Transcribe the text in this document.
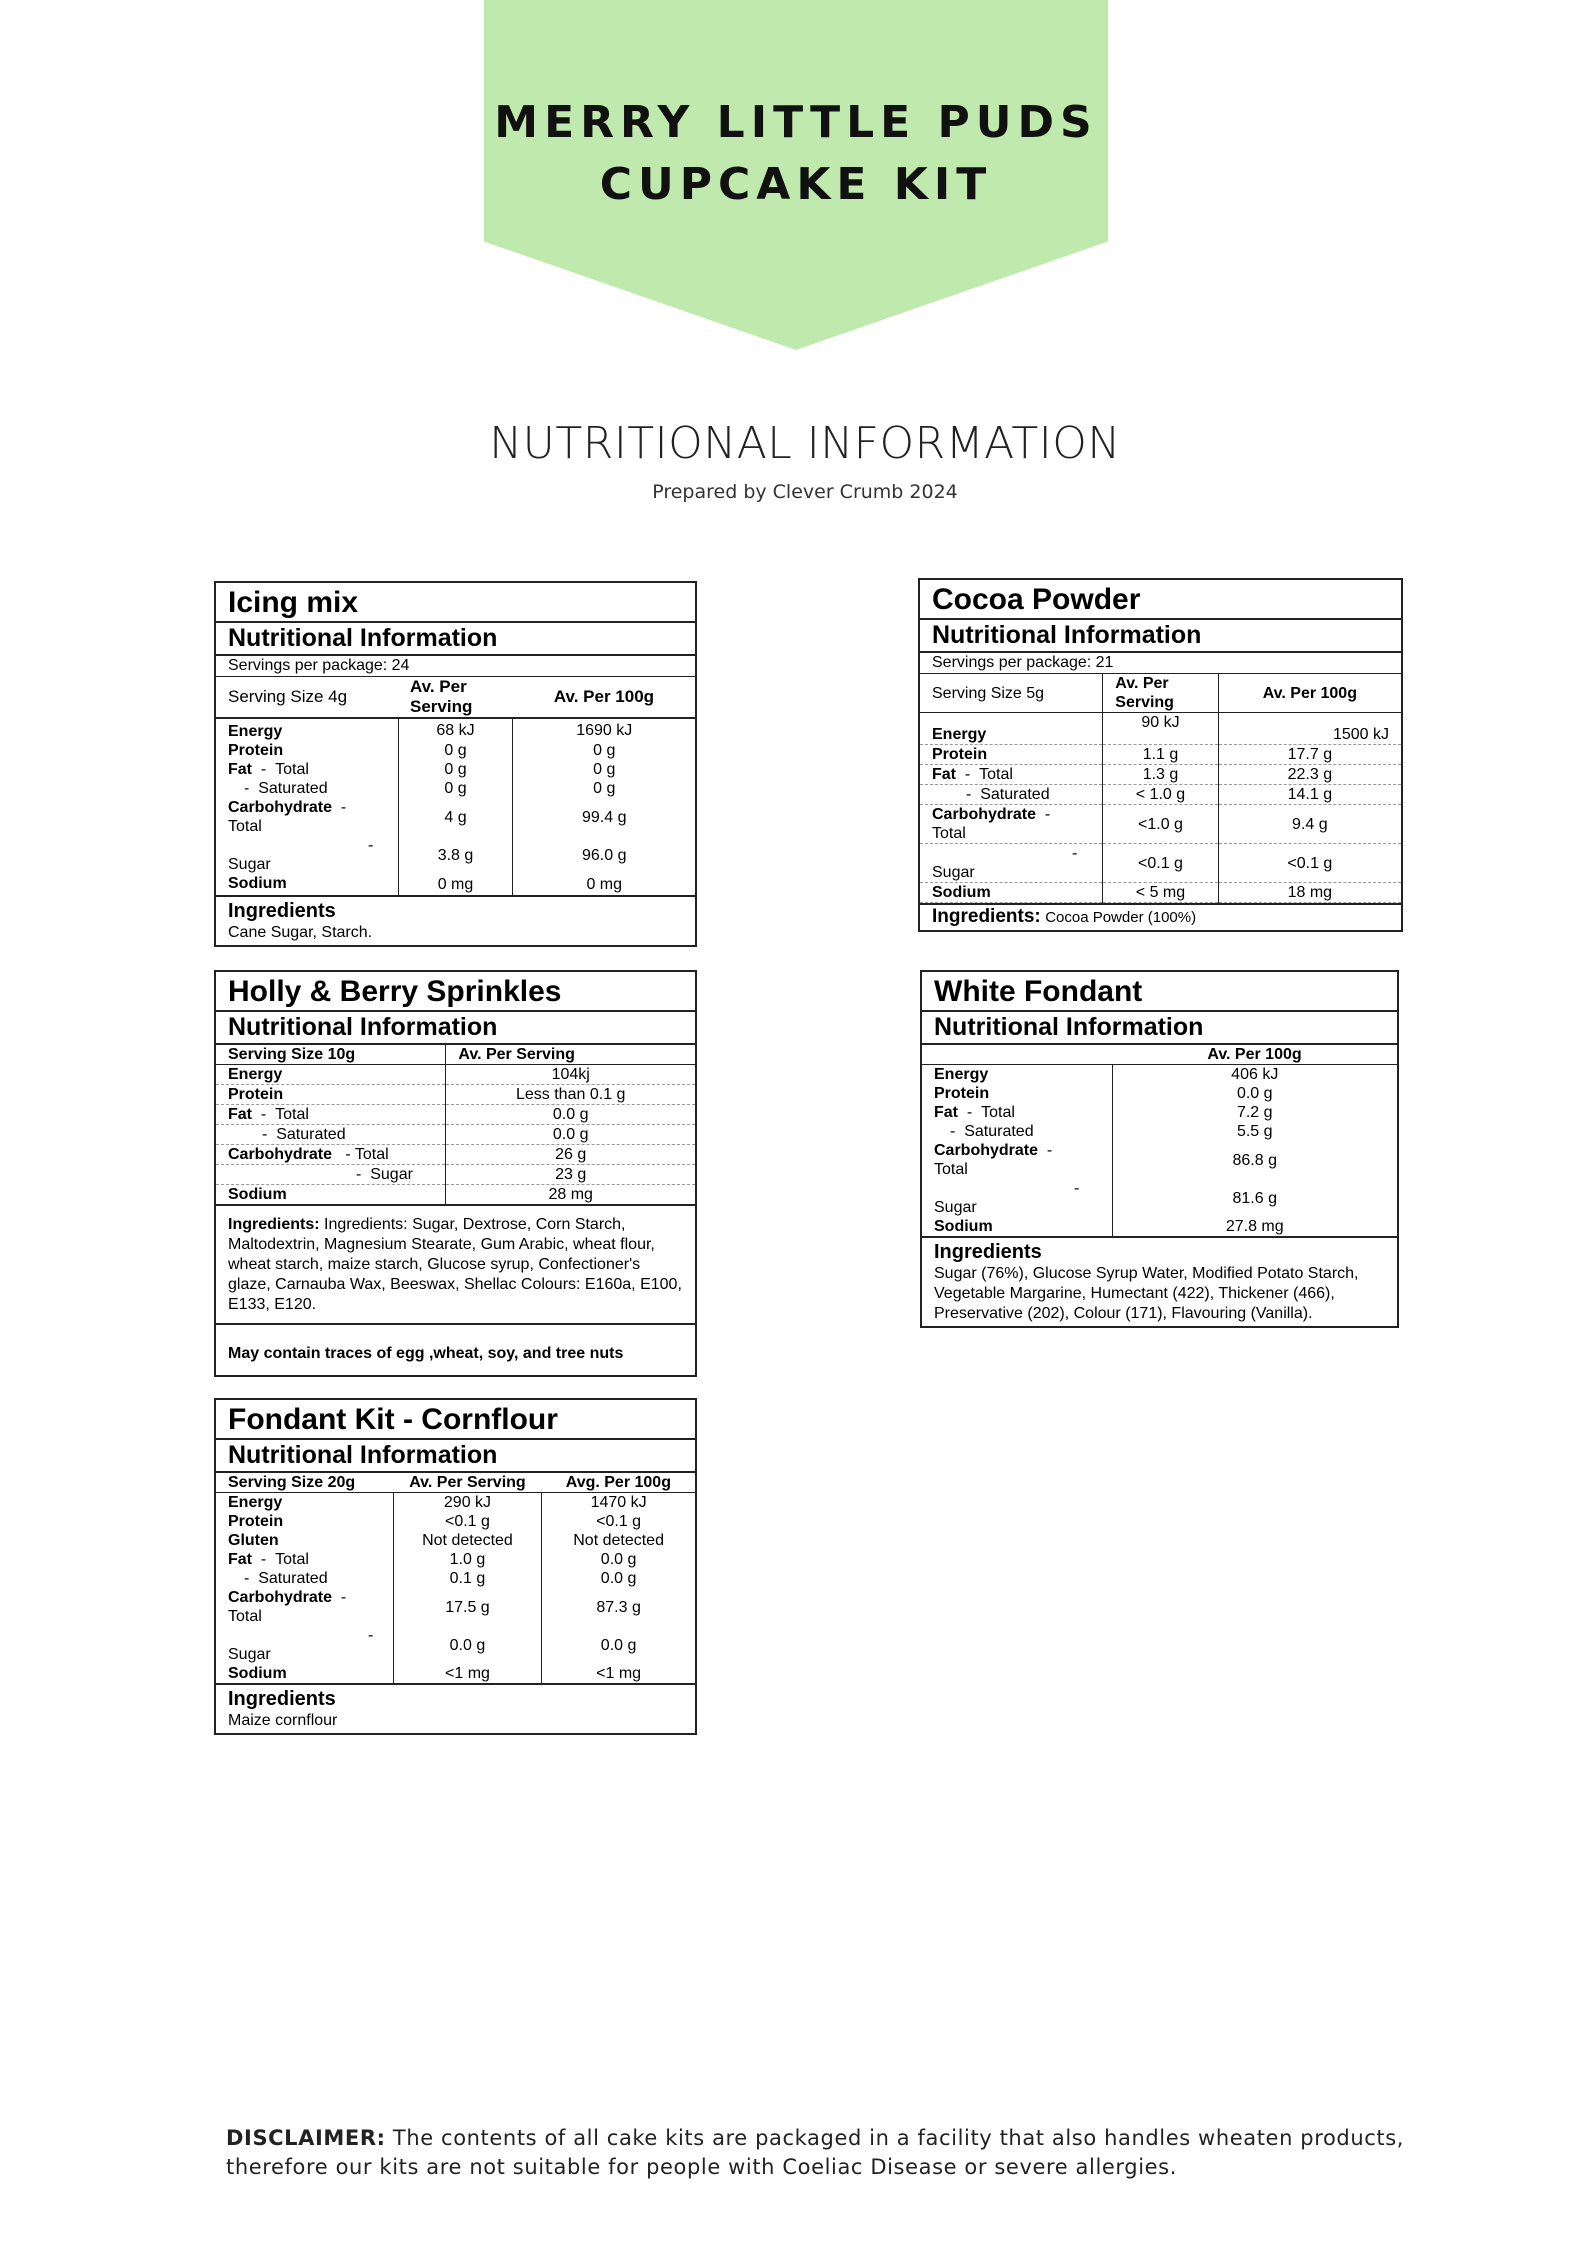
MERRY LITTLE PUDS
CUPCAKE KIT
NUTRITIONAL INFORMATION
Prepared by Clever Crumb 2024
Icing mix
Nutritional Information
Servings per package: 24
Serving Size 4g	Av. Per Serving	Av. Per 100g
Energy	68 kJ	1690 kJ
Protein	0 g	0 g
Fat  -  Total	0 g	0 g
-  Saturated	0 g	0 g
Carbohydrate  -
Total	4 g	99.4 g

-
Sugar	3.8 g	96.0 g
Sodium	0 mg	0 mg
Ingredients
Cane Sugar, Starch.
Cocoa Powder
Nutritional Information
Servings per package: 21
Serving Size 5g	Av. Per Serving	Av. Per 100g
Energy	90 kJ	1500 kJ
Protein	1.1 g	17.7 g
Fat  -  Total	1.3 g	22.3 g
-  Saturated	< 1.0 g	14.1 g
Carbohydrate  -
Total	<1.0 g	9.4 g

-
Sugar	<0.1 g	<0.1 g
Sodium	< 5 mg	18 mg
Ingredients: Cocoa Powder (100%)
Holly & Berry Sprinkles
Nutritional Information
Serving Size 10g	Av. Per Serving
Energy	104kj
Protein	Less than 0.1 g
Fat  -  Total	0.0 g
-  Saturated	0.0 g
Carbohydrate   - Total	26 g
-  Sugar	23 g
Sodium	28 mg
Ingredients: Ingredients: Sugar, Dextrose, Corn Starch, Maltodextrin, Magnesium Stearate, Gum Arabic, wheat flour, wheat starch, maize starch, Glucose syrup, Confectioner's glaze, Carnauba Wax, Beeswax, Shellac Colours: E160a, E100, E133, E120.
May contain traces of egg ,wheat, soy, and tree nuts
White Fondant
Nutritional Information
	Av. Per 100g
Energy	406 kJ
Protein	0.0 g
Fat  -  Total	7.2 g
-  Saturated	5.5 g
Carbohydrate  -
Total	86.8 g

-
Sugar	81.6 g
Sodium	27.8 mg
Ingredients
Sugar (76%), Glucose Syrup Water, Modified Potato Starch, Vegetable Margarine, Humectant (422), Thickener (466), Preservative (202), Colour (171), Flavouring (Vanilla).
Fondant Kit - Cornflour
Nutritional Information
Serving Size 20g	Av. Per Serving	Avg. Per 100g
Energy	290 kJ	1470 kJ
Protein	<0.1 g	<0.1 g
Gluten	Not detected	Not detected
Fat  -  Total	1.0 g	0.0 g
-  Saturated	0.1 g	0.0 g
Carbohydrate  -
Total	17.5 g	87.3 g

-
Sugar	0.0 g	0.0 g
Sodium	<1 mg	<1 mg
Ingredients
Maize cornflour
DISCLAIMER: The contents of all cake kits are packaged in a facility that also handles wheaten products, therefore our kits are not suitable for people with Coeliac Disease or severe allergies.
